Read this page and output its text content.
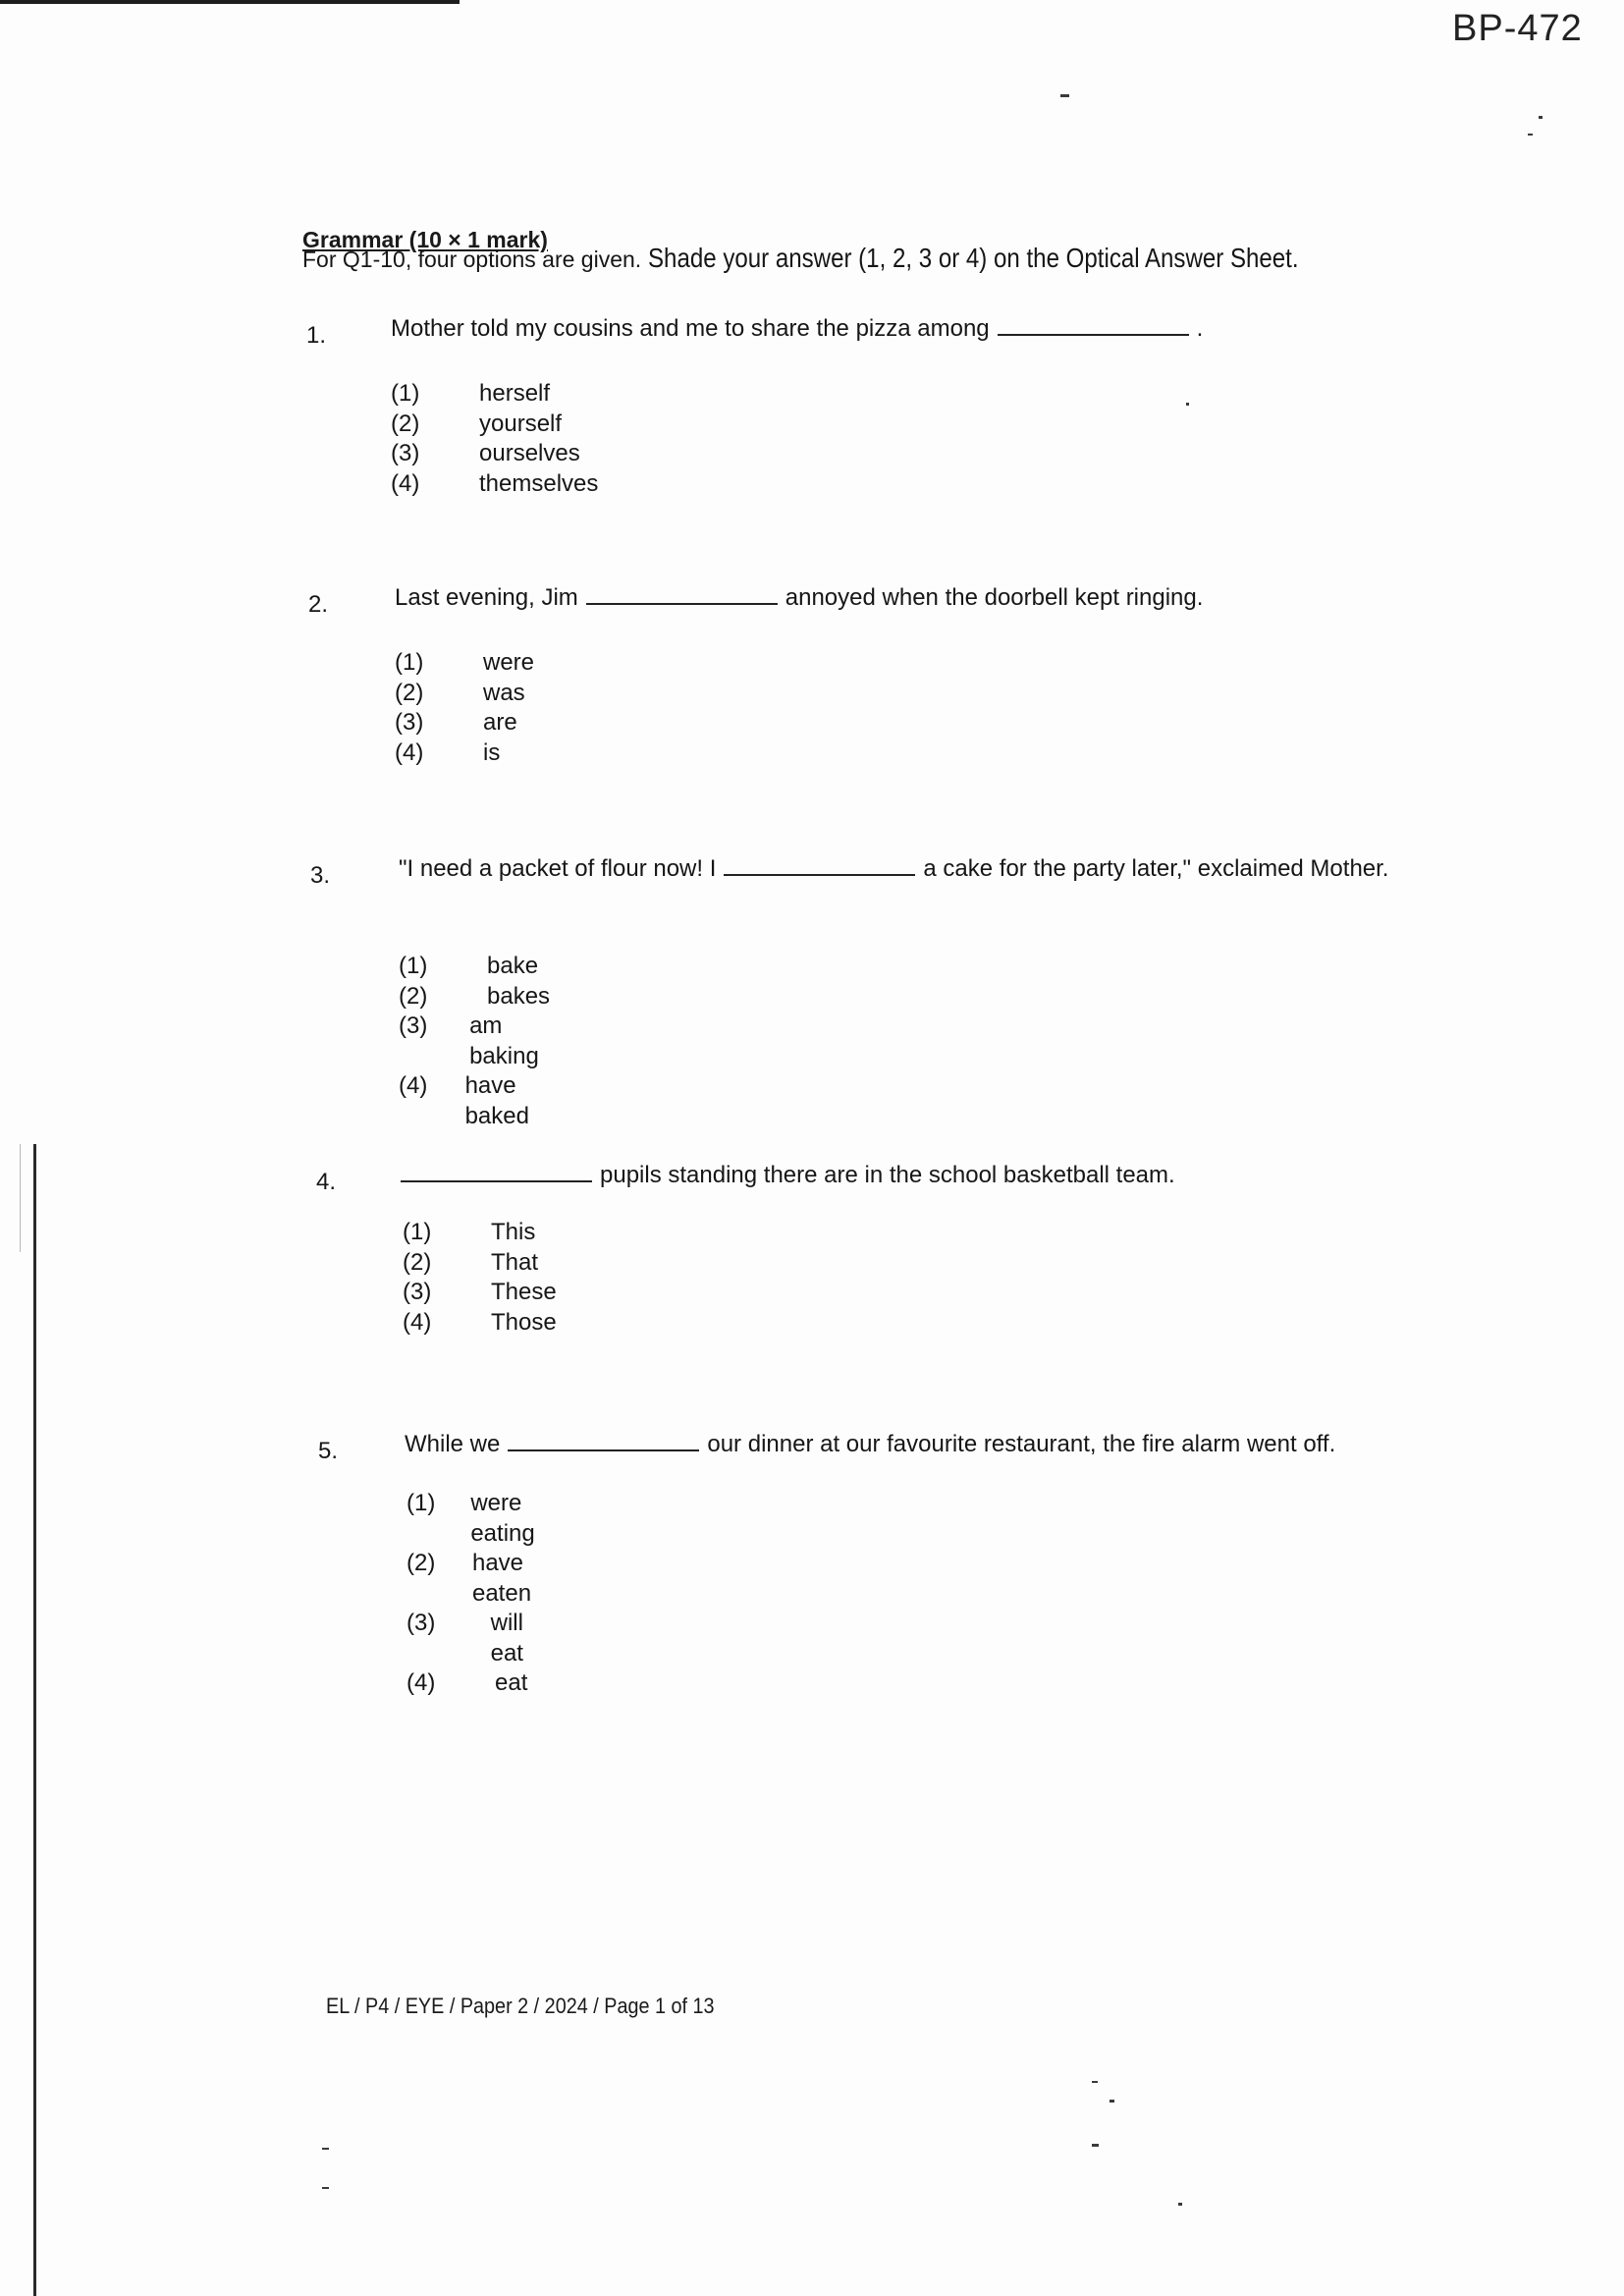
BP-472
Grammar (10 × 1 mark)
For Q1-10, four options are given. Shade your answer (1, 2, 3 or 4) on the Optical Answer Sheet.
1.	Mother told my cousins and me to share the pizza among	.
(1)	herself
(2)	yourself
(3)	ourselves
(4)	themselves
2.	Last evening, Jim	annoyed when the doorbell kept ringing.
(1)	were
(2)	was
(3)	are
(4)	is
3.	"I need a packet of flour now! I	a cake for the party later," exclaimed Mother.
(1)	bake
(2)	bakes
(3)	am baking
(4)	have baked
4.	pupils standing there are in the school basketball team.
(1)	This
(2)	That
(3)	These
(4)	Those
5.	While we	our dinner at our favourite restaurant, the fire alarm went off.
(1)	were eating
(2)	have eaten
(3)	will eat
(4)	eat
EL / P4 / EYE / Paper 2 / 2024 / Page 1 of 13
